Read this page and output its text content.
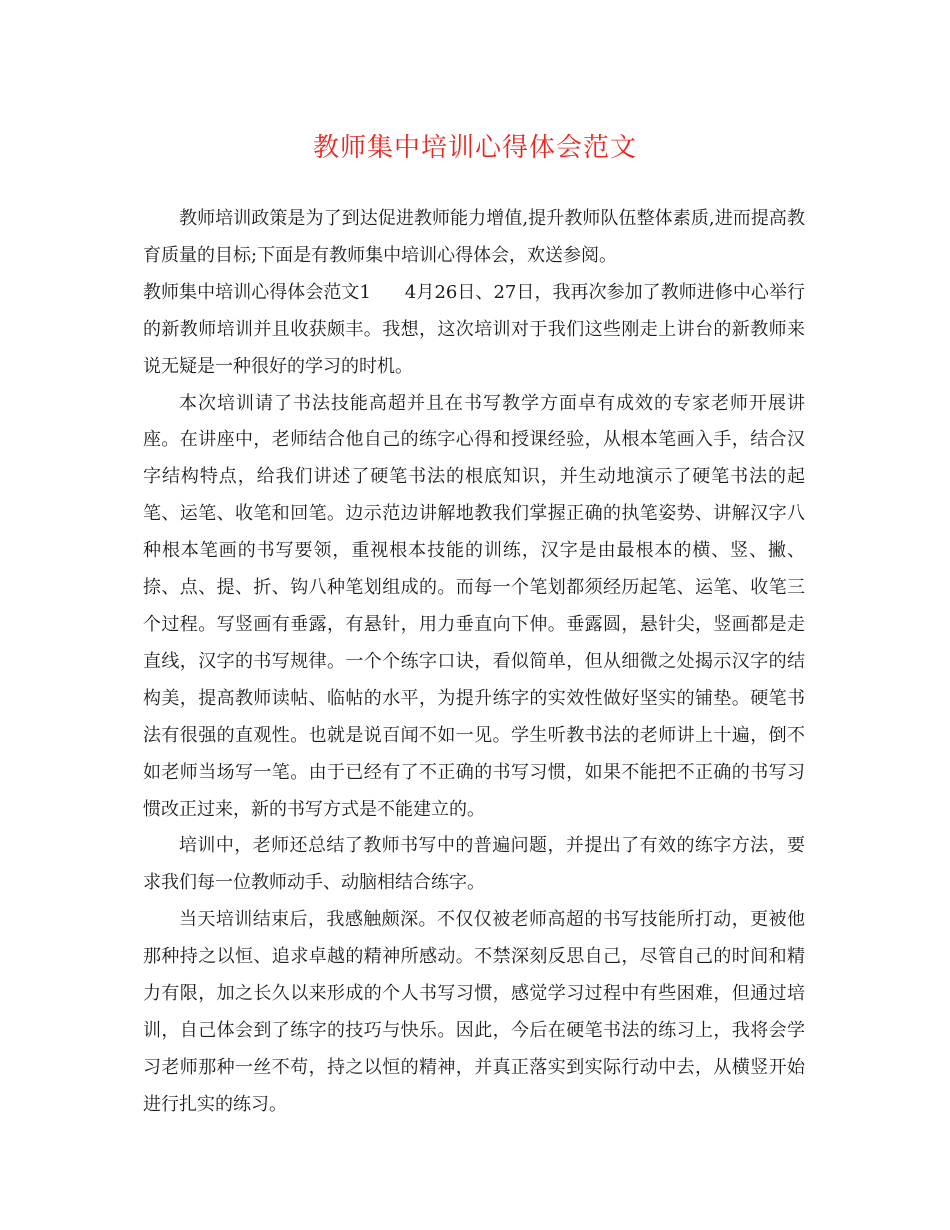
教师集中培训心得体会范文

教师培训政策是为了到达促进教师能力增值,提升教师队伍整体素质,进而提高教育质量的目标;下面是有教师集中培训心得体会，欢送参阅。

教师集中培训心得体会范文1 4月26日、27日，我再次参加了教师进修中心举行的新教师培训并且收获颇丰。我想，这次培训对于我们这些刚走上讲台的新教师来说无疑是一种很好的学习的时机。

本次培训请了书法技能高超并且在书写教学方面卓有成效的专家老师开展讲座。在讲座中，老师结合他自己的练字心得和授课经验，从根本笔画入手，结合汉字结构特点，给我们讲述了硬笔书法的根底知识，并生动地演示了硬笔书法的起笔、运笔、收笔和回笔。边示范边讲解地教我们掌握正确的执笔姿势、讲解汉字八种根本笔画的书写要领，重视根本技能的训练，汉字是由最根本的横、竖、撇、捺、点、提、折、钩八种笔划组成的。而每一个笔划都须经历起笔、运笔、收笔三个过程。写竖画有垂露，有悬针，用力垂直向下伸。垂露圆，悬针尖，竖画都是走直线，汉字的书写规律。一个个练字口诀，看似简单，但从细微之处揭示汉字的结构美，提高教师读帖、临帖的水平，为提升练字的实效性做好坚实的铺垫。硬笔书法有很强的直观性。也就是说百闻不如一见。学生听教书法的老师讲上十遍，倒不如老师当场写一笔。由于已经有了不正确的书写习惯，如果不能把不正确的书写习惯改正过来，新的书写方式是不能建立的。

培训中，老师还总结了教师书写中的普遍问题，并提出了有效的练字方法，要求我们每一位教师动手、动脑相结合练字。

当天培训结束后，我感触颇深。不仅仅被老师高超的书写技能所打动，更被他那种持之以恒、追求卓越的精神所感动。不禁深刻反思自己，尽管自己的时间和精力有限，加之长久以来形成的个人书写习惯，感觉学习过程中有些困难，但通过培训，自己体会到了练字的技巧与快乐。因此，今后在硬笔书法的练习上，我将会学习老师那种一丝不苟，持之以恒的精神，并真正落实到实际行动中去，从横竖开始进行扎实的练习。
